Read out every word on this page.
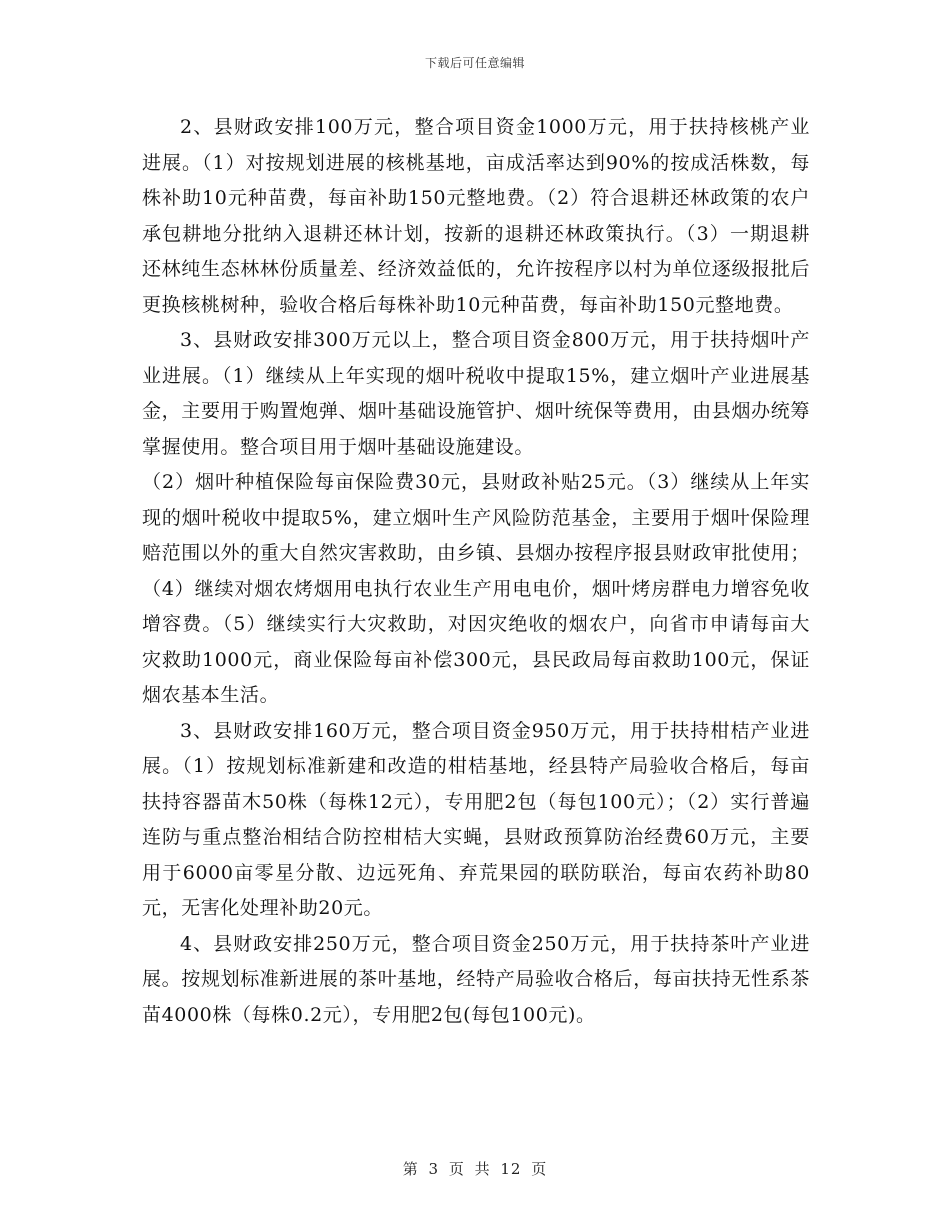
下载后可任意编辑

2、县财政安排100万元，整合项目资金1000万元，用于扶持核桃产业进展。（1）对按规划进展的核桃基地，亩成活率达到90%的按成活株数，每株补助10元种苗费，每亩补助150元整地费。（2）符合退耕还林政策的农户承包耕地分批纳入退耕还林计划，按新的退耕还林政策执行。（3）一期退耕还林纯生态林林份质量差、经济效益低的，允许按程序以村为单位逐级报批后更换核桃树种，验收合格后每株补助10元种苗费，每亩补助150元整地费。

3、县财政安排300万元以上，整合项目资金800万元，用于扶持烟叶产业进展。（1）继续从上年实现的烟叶税收中提取15%，建立烟叶产业进展基金，主要用于购置炮弹、烟叶基础设施管护、烟叶统保等费用，由县烟办统筹掌握使用。整合项目用于烟叶基础设施建设。

（2）烟叶种植保险每亩保险费30元，县财政补贴25元。（3）继续从上年实现的烟叶税收中提取5%，建立烟叶生产风险防范基金，主要用于烟叶保险理赔范围以外的重大自然灾害救助，由乡镇、县烟办按程序报县财政审批使用；（4）继续对烟农烤烟用电执行农业生产用电电价，烟叶烤房群电力增容免收增容费。（5）继续实行大灾救助，对因灾绝收的烟农户，向省市申请每亩大灾救助1000元，商业保险每亩补偿300元，县民政局每亩救助100元，保证烟农基本生活。

3、县财政安排160万元，整合项目资金950万元，用于扶持柑桔产业进展。（1）按规划标准新建和改造的柑桔基地，经县特产局验收合格后，每亩扶持容器苗木50株（每株12元），专用肥2包（每包100元）；（2）实行普遍连防与重点整治相结合防控柑桔大实蝇，县财政预算防治经费60万元，主要用于6000亩零星分散、边远死角、弃荒果园的联防联治，每亩农药补助80元，无害化处理补助20元。

4、县财政安排250万元，整合项目资金250万元，用于扶持茶叶产业进展。按规划标准新进展的茶叶基地，经特产局验收合格后，每亩扶持无性系茶苗4000株（每株0.2元），专用肥2包(每包100元)。

第 3 页 共 12 页
